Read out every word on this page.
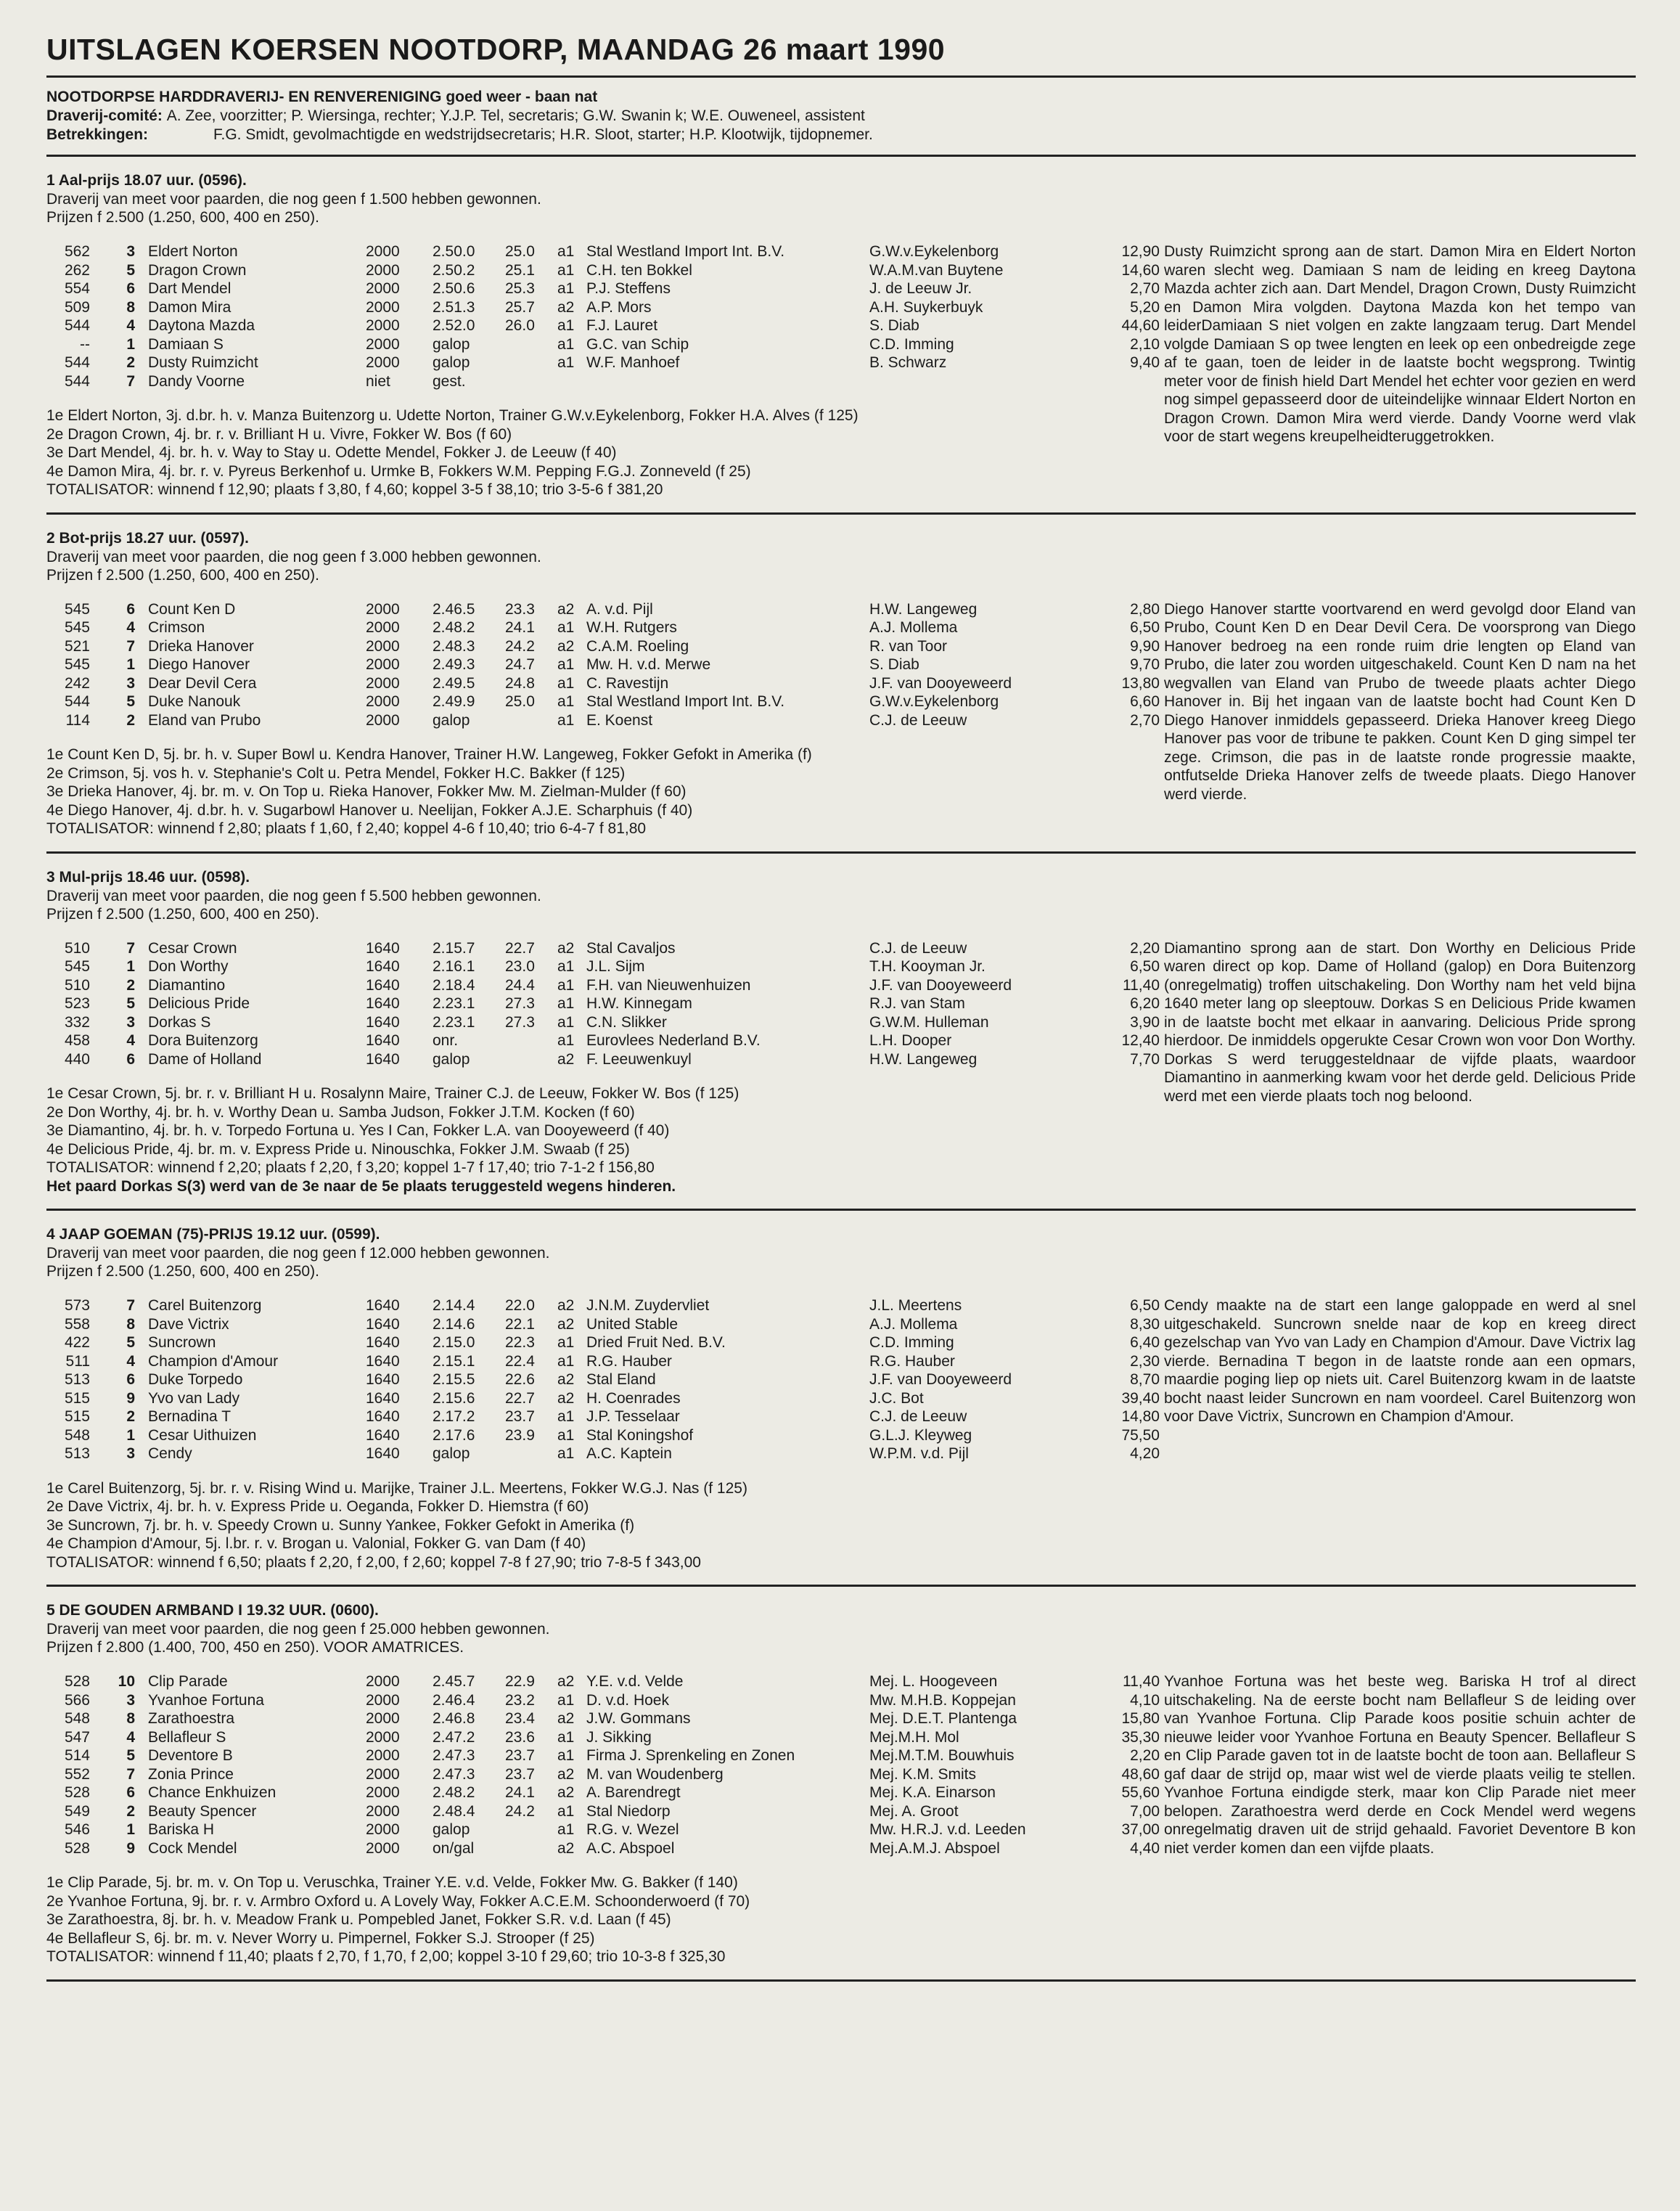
UITSLAGEN KOERSEN NOOTDORP, MAANDAG 26 maart 1990
NOOTDORPSE HARDDRAVERIJ- EN RENVERENIGING goed weer - baan nat
Draverij-comité:
A. Zee, voorzitter; P. Wiersinga, rechter; Y.J.P. Tel, secretaris; G.W. Swanin k; W.E. Ouweneel, assistent
Betrekkingen:	F.G. Smidt, gevolmachtigde en wedstrijdsecretaris; H.R. Sloot, starter; H.P. Klootwijk, tijdopnemer.
1 Aal-prijs 18.07 uur. (0596).
Draverij van meet voor paarden, die nog geen f 1.500 hebben gewonnen.
Prijzen f 2.500 (1.250, 600, 400 en 250).
562	3	Eldert Norton	2000	2.50.0	25.0	a1	Stal Westland Import Int. B.V.	G.W.v.Eykelenborg	12,90
262	5	Dragon Crown	2000	2.50.2	25.1	a1	C.H. ten Bokkel	W.A.M.van Buytene	14,60
554	6	Dart Mendel	2000	2.50.6	25.3	a1	P.J. Steffens	J. de Leeuw Jr.	2,70
509	8	Damon Mira	2000	2.51.3	25.7	a2	A.P. Mors	A.H. Suykerbuyk	5,20
544	4	Daytona Mazda	2000	2.52.0	26.0	a1	F.J. Lauret	S. Diab	44,60
--	1	Damiaan S	2000	galop		a1	G.C. van Schip	C.D. Imming	2,10
544	2	Dusty Ruimzicht	2000	galop		a1	W.F. Manhoef	B. Schwarz	9,40
544	7	Dandy Voorne	niet	gest.					
1e Eldert Norton, 3j. d.br. h. v. Manza Buitenzorg u. Udette Norton, Trainer G.W.v.Eykelenborg, Fokker H.A. Alves (f 125)
2e Dragon Crown, 4j. br. r. v. Brilliant H u. Vivre, Fokker W. Bos (f 60)
3e Dart Mendel, 4j. br. h. v. Way to Stay u. Odette Mendel, Fokker J. de Leeuw (f 40)
4e Damon Mira, 4j. br. r. v. Pyreus Berkenhof u. Urmke B, Fokkers W.M. Pepping F.G.J. Zonneveld (f 25)
TOTALISATOR: winnend f 12,90; plaats f 3,80, f 4,60; koppel 3-5 f 38,10; trio 3-5-6 f 381,20
Dusty Ruimzicht sprong aan de start. Damon Mira en Eldert Norton waren slecht weg. Damiaan S nam de leiding en kreeg Daytona Mazda achter zich aan. Dart Mendel, Dragon Crown, Dusty Ruimzicht en Damon Mira volgden. Daytona Mazda kon het tempo van leiderDamiaan S niet volgen en zakte langzaam terug. Dart Mendel volgde Damiaan S op twee lengten en leek op een onbedreigde zege af te gaan, toen de leider in de laatste bocht wegsprong. Twintig meter voor de finish hield Dart Mendel het echter voor gezien en werd nog simpel gepasseerd door de uiteindelijke winnaar Eldert Norton en Dragon Crown. Damon Mira werd vierde. Dandy Voorne werd vlak voor de start wegens kreupelheidteruggetrokken.
2 Bot-prijs 18.27 uur. (0597).
Draverij van meet voor paarden, die nog geen f 3.000 hebben gewonnen.
Prijzen f 2.500 (1.250, 600, 400 en 250).
545	6	Count Ken D	2000	2.46.5	23.3	a2	A. v.d. Pijl	H.W. Langeweg	2,80
545	4	Crimson	2000	2.48.2	24.1	a1	W.H. Rutgers	A.J. Mollema	6,50
521	7	Drieka Hanover	2000	2.48.3	24.2	a2	C.A.M. Roeling	R. van Toor	9,90
545	1	Diego Hanover	2000	2.49.3	24.7	a1	Mw. H. v.d. Merwe	S. Diab	9,70
242	3	Dear Devil Cera	2000	2.49.5	24.8	a1	C. Ravestijn	J.F. van Dooyeweerd	13,80
544	5	Duke Nanouk	2000	2.49.9	25.0	a1	Stal Westland Import Int. B.V.	G.W.v.Eykelenborg	6,60
114	2	Eland van Prubo	2000	galop		a1	E. Koenst	C.J. de Leeuw	2,70
1e Count Ken D, 5j. br. h. v. Super Bowl u. Kendra Hanover, Trainer H.W. Langeweg, Fokker Gefokt in Amerika (f)
2e Crimson, 5j. vos h. v. Stephanie's Colt u. Petra Mendel, Fokker H.C. Bakker (f 125)
3e Drieka Hanover, 4j. br. m. v. On Top u. Rieka Hanover, Fokker Mw. M. Zielman-Mulder (f 60)
4e Diego Hanover, 4j. d.br. h. v. Sugarbowl Hanover u. Neelijan, Fokker A.J.E. Scharphuis (f 40)
TOTALISATOR: winnend f 2,80; plaats f 1,60, f 2,40; koppel 4-6 f 10,40; trio 6-4-7 f 81,80
Diego Hanover startte voortvarend en werd gevolgd door Eland van Prubo, Count Ken D en Dear Devil Cera. De voorsprong van Diego Hanover bedroeg na een ronde ruim drie lengten op Eland van Prubo, die later zou worden uitgeschakeld. Count Ken D nam na het wegvallen van Eland van Prubo de tweede plaats achter Diego Hanover in. Bij het ingaan van de laatste bocht had Count Ken D Diego Hanover inmiddels gepasseerd. Drieka Hanover kreeg Diego Hanover pas voor de tribune te pakken. Count Ken D ging simpel ter zege. Crimson, die pas in de laatste ronde progressie maakte, ontfutselde Drieka Hanover zelfs de tweede plaats. Diego Hanover werd vierde.
3 Mul-prijs 18.46 uur. (0598).
Draverij van meet voor paarden, die nog geen f 5.500 hebben gewonnen.
Prijzen f 2.500 (1.250, 600, 400 en 250).
510	7	Cesar Crown	1640	2.15.7	22.7	a2	Stal Cavaljos	C.J. de Leeuw	2,20
545	1	Don Worthy	1640	2.16.1	23.0	a1	J.L. Sijm	T.H. Kooyman Jr.	6,50
510	2	Diamantino	1640	2.18.4	24.4	a1	F.H. van Nieuwenhuizen	J.F. van Dooyeweerd	11,40
523	5	Delicious Pride	1640	2.23.1	27.3	a1	H.W. Kinnegam	R.J. van Stam	6,20
332	3	Dorkas S	1640	2.23.1	27.3	a1	C.N. Slikker	G.W.M. Hulleman	3,90
458	4	Dora Buitenzorg	1640	onr.		a1	Eurovlees Nederland B.V.	L.H. Dooper	12,40
440	6	Dame of Holland	1640	galop		a2	F. Leeuwenkuyl	H.W. Langeweg	7,70
1e Cesar Crown, 5j. br. r. v. Brilliant H u. Rosalynn Maire, Trainer C.J. de Leeuw, Fokker W. Bos (f 125)
2e Don Worthy, 4j. br. h. v. Worthy Dean u. Samba Judson, Fokker J.T.M. Kocken (f 60)
3e Diamantino, 4j. br. h. v. Torpedo Fortuna u. Yes I Can, Fokker L.A. van Dooyeweerd (f 40)
4e Delicious Pride, 4j. br. m. v. Express Pride u. Ninouschka, Fokker J.M. Swaab (f 25)
TOTALISATOR: winnend f 2,20; plaats f 2,20, f 3,20; koppel 1-7 f 17,40; trio 7-1-2 f 156,80
Het paard Dorkas S(3) werd van de 3e naar de 5e plaats teruggesteld wegens hinderen.
Diamantino sprong aan de start. Don Worthy en Delicious Pride waren direct op kop. Dame of Holland (galop) en Dora Buitenzorg (onregelmatig) troffen uitschakeling. Don Worthy nam het veld bijna 1640 meter lang op sleeptouw. Dorkas S en Delicious Pride kwamen in de laatste bocht met elkaar in aanvaring. Delicious Pride sprong hierdoor. De inmiddels opgerukte Cesar Crown won voor Don Worthy. Dorkas S werd teruggesteldnaar de vijfde plaats, waardoor Diamantino in aanmerking kwam voor het derde geld. Delicious Pride werd met een vierde plaats toch nog beloond.
4 JAAP GOEMAN (75)-PRIJS 19.12 uur. (0599).
Draverij van meet voor paarden, die nog geen f 12.000 hebben gewonnen.
Prijzen f 2.500 (1.250, 600, 400 en 250).
573	7	Carel Buitenzorg	1640	2.14.4	22.0	a2	J.N.M. Zuydervliet	J.L. Meertens	6,50
558	8	Dave Victrix	1640	2.14.6	22.1	a2	United Stable	A.J. Mollema	8,30
422	5	Suncrown	1640	2.15.0	22.3	a1	Dried Fruit Ned. B.V.	C.D. Imming	6,40
511	4	Champion d'Amour	1640	2.15.1	22.4	a1	R.G. Hauber	R.G. Hauber	2,30
513	6	Duke Torpedo	1640	2.15.5	22.6	a2	Stal Eland	J.F. van Dooyeweerd	8,70
515	9	Yvo van Lady	1640	2.15.6	22.7	a2	H. Coenrades	J.C. Bot	39,40
515	2	Bernadina T	1640	2.17.2	23.7	a1	J.P. Tesselaar	C.J. de Leeuw	14,80
548	1	Cesar Uithuizen	1640	2.17.6	23.9	a1	Stal Koningshof	G.L.J. Kleyweg	75,50
513	3	Cendy	1640	galop		a1	A.C. Kaptein	W.P.M. v.d. Pijl	4,20
1e Carel Buitenzorg, 5j. br. r. v. Rising Wind u. Marijke, Trainer J.L. Meertens, Fokker W.G.J. Nas (f 125)
2e Dave Victrix, 4j. br. h. v. Express Pride u. Oeganda, Fokker D. Hiemstra (f 60)
3e Suncrown, 7j. br. h. v. Speedy Crown u. Sunny Yankee, Fokker Gefokt in Amerika (f)
4e Champion d'Amour, 5j. l.br. r. v. Brogan u. Valonial, Fokker G. van Dam (f 40)
TOTALISATOR: winnend f 6,50; plaats f 2,20, f 2,00, f 2,60; koppel 7-8 f 27,90; trio 7-8-5 f 343,00
Cendy maakte na de start een lange galoppade en werd al snel uitgeschakeld. Suncrown snelde naar de kop en kreeg direct gezelschap van Yvo van Lady en Champion d'Amour. Dave Victrix lag vierde. Bernadina T begon in de laatste ronde aan een opmars, maardie poging liep op niets uit. Carel Buitenzorg kwam in de laatste bocht naast leider Suncrown en nam voordeel. Carel Buitenzorg won voor Dave Victrix, Suncrown en Champion d'Amour.
5 DE GOUDEN ARMBAND I 19.32 UUR. (0600).
Draverij van meet voor paarden, die nog geen f 25.000 hebben gewonnen.
Prijzen f 2.800 (1.400, 700, 450 en 250). VOOR AMATRICES.
528	10	Clip Parade	2000	2.45.7	22.9	a2	Y.E. v.d. Velde	Mej. L. Hoogeveen	11,40
566	3	Yvanhoe Fortuna	2000	2.46.4	23.2	a1	D. v.d. Hoek	Mw. M.H.B. Koppejan	4,10
548	8	Zarathoestra	2000	2.46.8	23.4	a2	J.W. Gommans	Mej. D.E.T. Plantenga	15,80
547	4	Bellafleur S	2000	2.47.2	23.6	a1	J. Sikking	Mej.M.H. Mol	35,30
514	5	Deventore B	2000	2.47.3	23.7	a1	Firma J. Sprenkeling en Zonen	Mej.M.T.M. Bouwhuis	2,20
552	7	Zonia Prince	2000	2.47.3	23.7	a2	M. van Woudenberg	Mej. K.M. Smits	48,60
528	6	Chance Enkhuizen	2000	2.48.2	24.1	a2	A. Barendregt	Mej. K.A. Einarson	55,60
549	2	Beauty Spencer	2000	2.48.4	24.2	a1	Stal Niedorp	Mej. A. Groot	7,00
546	1	Bariska H	2000	galop		a1	R.G. v. Wezel	Mw. H.R.J. v.d. Leeden	37,00
528	9	Cock Mendel	2000	on/gal		a2	A.C. Abspoel	Mej.A.M.J. Abspoel	4,40
1e Clip Parade, 5j. br. m. v. On Top u. Veruschka, Trainer Y.E. v.d. Velde, Fokker Mw. G. Bakker (f 140)
2e Yvanhoe Fortuna, 9j. br. r. v. Armbro Oxford u. A Lovely Way, Fokker A.C.E.M. Schoonderwoerd (f 70)
3e Zarathoestra, 8j. br. h. v. Meadow Frank u. Pompebled Janet, Fokker S.R. v.d. Laan (f 45)
4e Bellafleur S, 6j. br. m. v. Never Worry u. Pimpernel, Fokker S.J. Strooper (f 25)
TOTALISATOR: winnend f 11,40; plaats f 2,70, f 1,70, f 2,00; koppel 3-10 f 29,60; trio 10-3-8 f 325,30
Yvanhoe Fortuna was het beste weg. Bariska H trof al direct uitschakeling. Na de eerste bocht nam Bellafleur S de leiding over van Yvanhoe Fortuna. Clip Parade koos positie schuin achter de nieuwe leider voor Yvanhoe Fortuna en Beauty Spencer. Bellafleur S en Clip Parade gaven tot in de laatste bocht de toon aan. Bellafleur S gaf daar de strijd op, maar wist wel de vierde plaats veilig te stellen. Yvanhoe Fortuna eindigde sterk, maar kon Clip Parade niet meer belopen. Zarathoestra werd derde en Cock Mendel werd wegens onregelmatig draven uit de strijd gehaald. Favoriet Deventore B kon niet verder komen dan een vijfde plaats.
